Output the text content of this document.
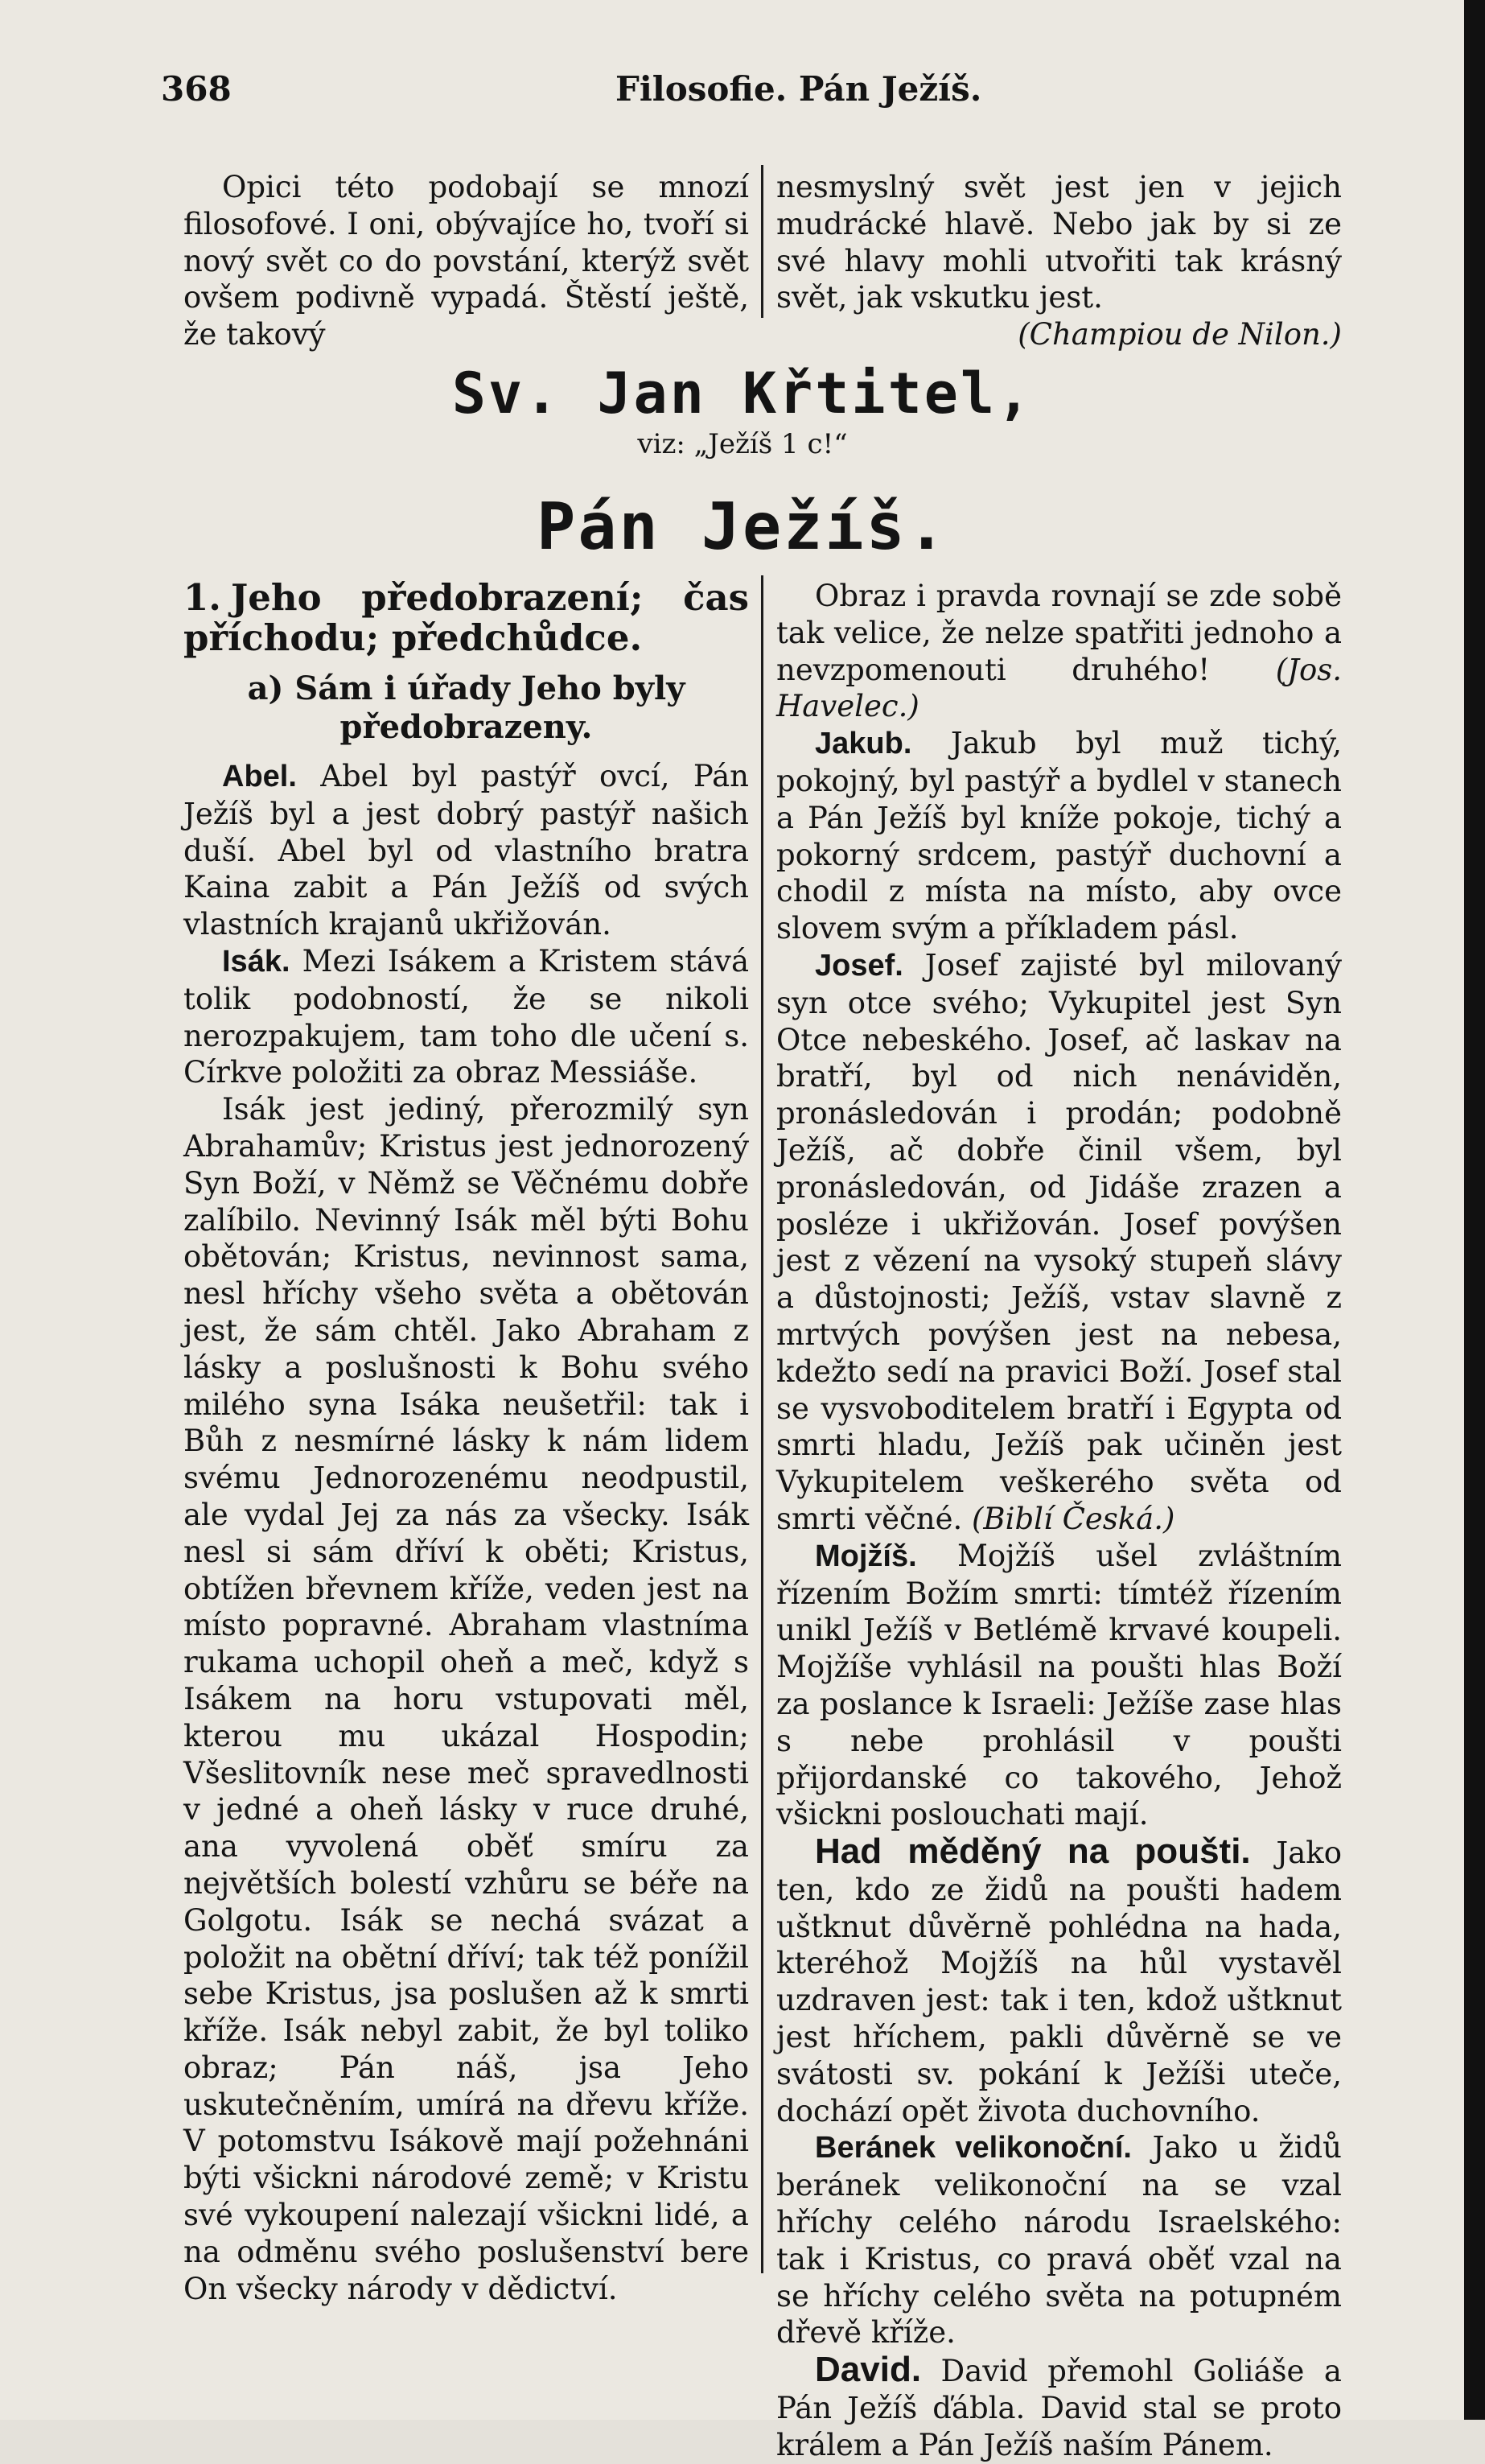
368	Filosofie. Pán Ježíš.

Opici této podobají se mnozí filosofové. I oni, obývajíce ho, tvoří si nový svět co do povstání, kterýž svět ovšem podivně vypadá. Štěstí ještě, že takový

nesmyslný svět jest jen v jejich mudrácké hlavě. Nebo jak by si ze své hlavy mohli utvořiti tak krásný svět, jak vskutku jest.

(Champiou de Nilon.)

Sv. Jan Křtitel,
viz: „Ježíš 1 c!“
Pán Ježíš.
1. Jeho předobrazení; čas příchodu; předchůdce.
a) Sám i úřady Jeho byly předobrazeny.

Abel. Abel byl pastýř ovcí, Pán Ježíš byl a jest dobrý pastýř našich duší. Abel byl od vlastního bratra Kaina zabit a Pán Ježíš od svých vlastních krajanů ukřižován.

Isák. Mezi Isákem a Kristem stává tolik podobností, že se nikoli nerozpakujem, tam toho dle učení s. Církve položiti za obraz Messiáše.

Isák jest jediný, přerozmilý syn Abrahamův; Kristus jest jednorozený Syn Boží, v Němž se Věčnému dobře zalíbilo. Nevinný Isák měl býti Bohu obětován; Kristus, nevinnost sama, nesl hříchy všeho světa a obětován jest, že sám chtěl. Jako Abraham z lásky a poslušnosti k Bohu svého milého syna Isáka neušetřil: tak i Bůh z nesmírné lásky k nám lidem svému Jednorozenému neodpustil, ale vydal Jej za nás za všecky. Isák nesl si sám dříví k oběti; Kristus, obtížen břevnem kříže, veden jest na místo popravné. Abraham vlastníma rukama uchopil oheň a meč, když s Isákem na horu vstupovati měl, kterou mu ukázal Hospodin; Všeslitovník nese meč spravedlnosti v jedné a oheň lásky v ruce druhé, ana vyvolená oběť smíru za největších bolestí vzhůru se béře na Golgotu. Isák se nechá svázat a položit na obětní dříví; tak též ponížil sebe Kristus, jsa poslušen až k smrti kříže. Isák nebyl zabit, že byl toliko obraz; Pán náš, jsa Jeho uskutečněním, umírá na dřevu kříže. V potomstvu Isákově mají požehnáni býti všickni národové země; v Kristu své vykoupení nalezají všickni lidé, a na odměnu svého poslušenství bere On všecky národy v dědictví.

Obraz i pravda rovnají se zde sobě tak velice, že nelze spatřiti jednoho a nevzpomenouti druhého! (Jos. Havelec.)

Jakub. Jakub byl muž tichý, pokojný, byl pastýř a bydlel v stanech a Pán Ježíš byl kníže pokoje, tichý a pokorný srdcem, pastýř duchovní a chodil z místa na místo, aby ovce slovem svým a příkladem pásl.

Josef. Josef zajisté byl milovaný syn otce svého; Vykupitel jest Syn Otce nebeského. Josef, ač laskav na bratří, byl od nich nenáviděn, pronásledován i prodán; podobně Ježíš, ač dobře činil všem, byl pronásledován, od Jidáše zrazen a posléze i ukřižován. Josef povýšen jest z vězení na vysoký stupeň slávy a důstojnosti; Ježíš, vstav slavně z mrtvých povýšen jest na nebesa, kdežto sedí na pravici Boží. Josef stal se vysvoboditelem bratří i Egypta od smrti hladu, Ježíš pak učiněn jest Vykupitelem veškerého světa od smrti věčné. (Biblí Česká.)

Mojžíš. Mojžíš ušel zvláštním řízením Božím smrti: tímtéž řízením unikl Ježíš v Betlémě krvavé koupeli. Mojžíše vyhlásil na poušti hlas Boží za poslance k Israeli: Ježíše zase hlas s nebe prohlásil v poušti přijordanské co takového, Jehož všickni poslouchati mají.

Had měděný na poušti. Jako ten, kdo ze židů na poušti hadem uštknut důvěrně pohlédna na hada, kteréhož Mojžíš na hůl vystavěl uzdraven jest: tak i ten, kdož uštknut jest hříchem, pakli důvěrně se ve svátosti sv. pokání k Ježíši uteče, dochází opět života duchovního.

Beránek velikonoční. Jako u židů beránek velikonoční na se vzal hříchy celého národu Israelského: tak i Kristus, co pravá oběť vzal na se hříchy celého světa na potupném dřevě kříže.

David. David přemohl Goliáše a Pán Ježíš ďábla. David stal se proto králem a Pán Ježíš naším Pánem.
